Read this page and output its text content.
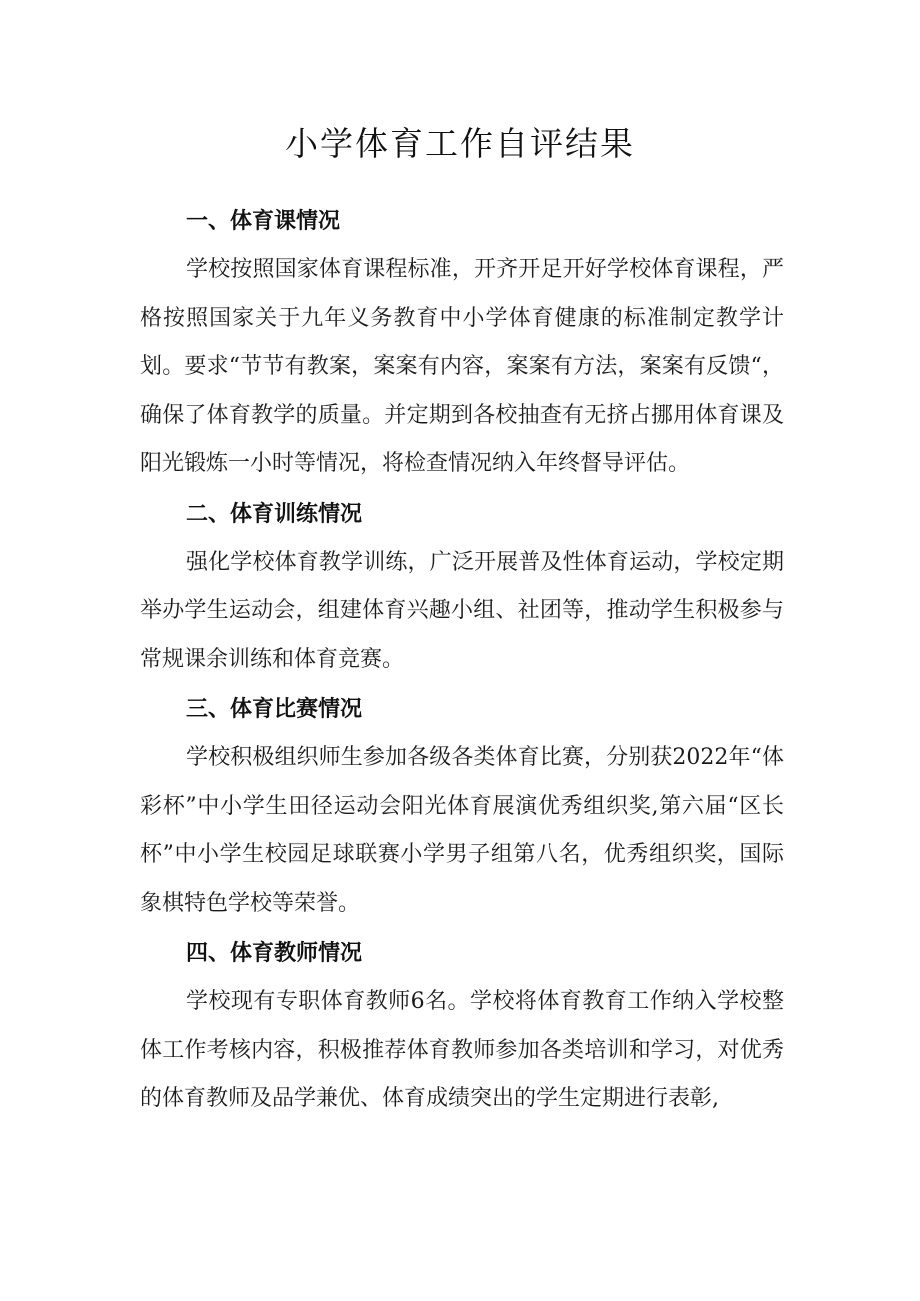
小学体育工作自评结果

一、体育课情况

学校按照国家体育课程标准，开齐开足开好学校体育课程，严格按照国家关于九年义务教育中小学体育健康的标准制定教学计划。要求“节节有教案，案案有内容，案案有方法，案案有反馈“，确保了体育教学的质量。并定期到各校抽查有无挤占挪用体育课及阳光锻炼一小时等情况，将检查情况纳入年终督导评估。

二、体育训练情况

强化学校体育教学训练，广泛开展普及性体育运动，学校定期举办学生运动会，组建体育兴趣小组、社团等，推动学生积极参与常规课余训练和体育竞赛。

三、体育比赛情况

学校积极组织师生参加各级各类体育比赛，分别获2022年“体彩杯”中小学生田径运动会阳光体育展演优秀组织奖,第六届“区长杯”中小学生校园足球联赛小学男子组第八名，优秀组织奖，国际象棋特色学校等荣誉。

四、体育教师情况

学校现有专职体育教师6名。学校将体育教育工作纳入学校整体工作考核内容，积极推荐体育教师参加各类培训和学习，对优秀的体育教师及品学兼优、体育成绩突出的学生定期进行表彰,
